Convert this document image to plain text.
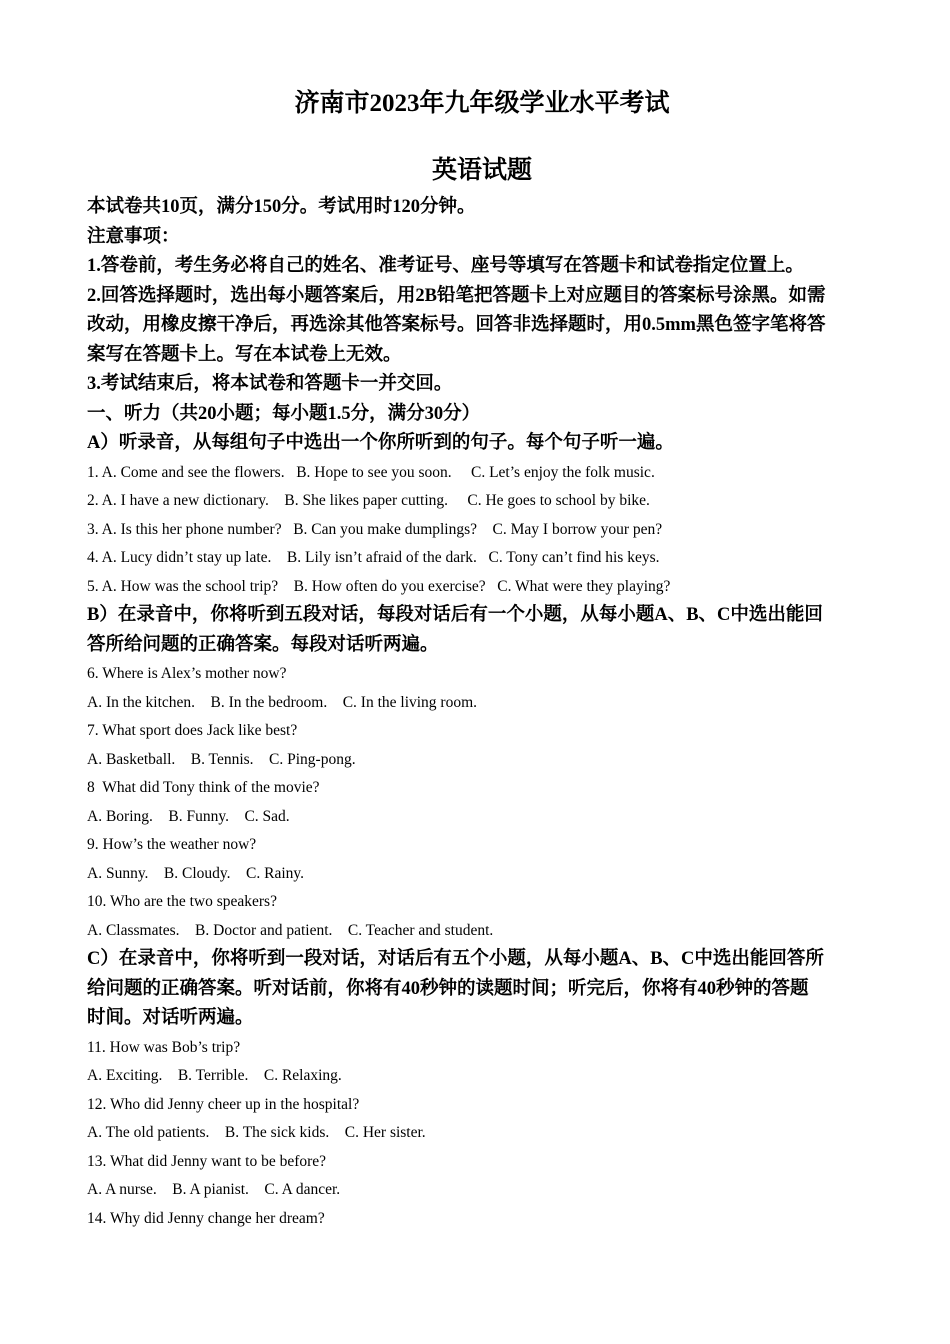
济南市2023年九年级学业水平考试
英语试题

本试卷共10页，满分150分。考试用时120分钟。

注意事项：

1.答卷前，考生务必将自己的姓名、准考证号、座号等填写在答题卡和试卷指定位置上。

2.回答选择题时，选出每小题答案后，用2B铅笔把答题卡上对应题目的答案标号涂黑。如需

改动，用橡皮擦干净后，再选涂其他答案标号。回答非选择题时，用0.5mm黑色签字笔将答

案写在答题卡上。写在本试卷上无效。

3.考试结束后，将本试卷和答题卡一并交回。

一、听力（共20小题；每小题1.5分，满分30分）

A）听录音，从每组句子中选出一个你所听到的句子。每个句子听一遍。

1. A. Come and see the flowers.   B. Hope to see you soon.     C. Let’s enjoy the folk music.

2. A. I have a new dictionary.    B. She likes paper cutting.     C. He goes to school by bike.

3. A. Is this her phone number?   B. Can you make dumplings?    C. May I borrow your pen?

4. A. Lucy didn’t stay up late.    B. Lily isn’t afraid of the dark.   C. Tony can’t find his keys.

5. A. How was the school trip?    B. How often do you exercise?   C. What were they playing?

B）在录音中，你将听到五段对话，每段对话后有一个小题，从每小题A、B、C中选出能回

答所给问题的正确答案。每段对话听两遍。

6. Where is Alex’s mother now?

A. In the kitchen.    B. In the bedroom.    C. In the living room.

7. What sport does Jack like best?

A. Basketball.    B. Tennis.    C. Ping-pong.

8  What did Tony think of the movie?

A. Boring.    B. Funny.    C. Sad.

9. How’s the weather now?

A. Sunny.    B. Cloudy.    C. Rainy.

10. Who are the two speakers?

A. Classmates.    B. Doctor and patient.    C. Teacher and student.

C）在录音中，你将听到一段对话，对话后有五个小题，从每小题A、B、C中选出能回答所

给问题的正确答案。听对话前，你将有40秒钟的读题时间；听完后，你将有40秒钟的答题

时间。对话听两遍。

11. How was Bob’s trip?

A. Exciting.    B. Terrible.    C. Relaxing.

12. Who did Jenny cheer up in the hospital?

A. The old patients.    B. The sick kids.    C. Her sister.

13. What did Jenny want to be before?

A. A nurse.    B. A pianist.    C. A dancer.

14. Why did Jenny change her dream?
